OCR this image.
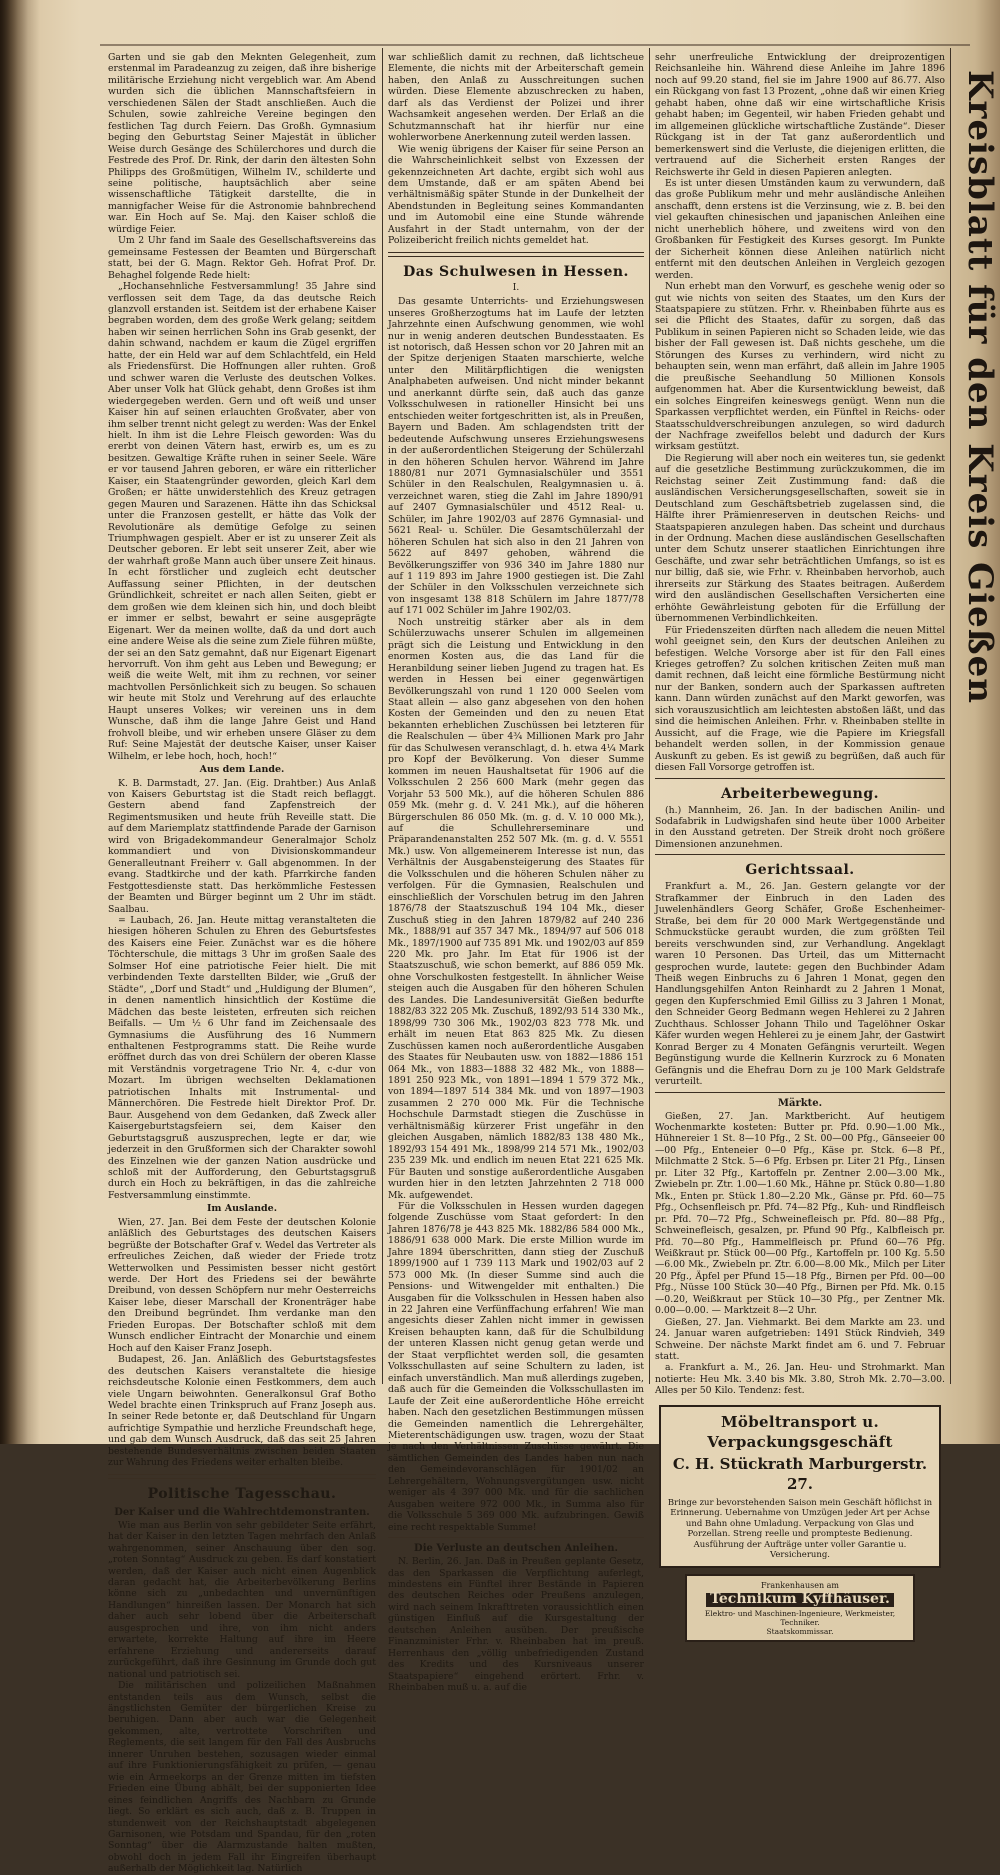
Garten und sie gab den Meknten Gelegenheit, zum erstenmal im Paradeanzug zu zeigen, daß ihre bisherige militärische Erziehung nicht vergeblich war. Am Abend wurden sich die üblichen Mannschaftsfeiern in verschiedenen Sälen der Stadt anschließen. Auch die Schulen, sowie zahlreiche Vereine begingen den festlichen Tag durch Feiern. Das Großh. Gymnasium beging den Geburtstag Seiner Majestät in üblicher Weise durch Gesänge des Schülerchores und durch die Festrede des Prof. Dr. Rink, der darin den ältesten Sohn Philipps des Großmütigen, Wilhelm IV., schilderte und seine politische, hauptsächlich aber seine wissenschaftliche Tätigkeit darstellte, die in mannigfacher Weise für die Astronomie bahnbrechend war. Ein Hoch auf Se. Maj. den Kaiser schloß die würdige Feier.

Um 2 Uhr fand im Saale des Gesellschaftsvereins das gemeinsame Festessen der Beamten und Bürgerschaft statt, bei der G. Magn. Rektor Geh. Hofrat Prof. Dr. Behaghel folgende Rede hielt:

„Hochansehnliche Festversammlung! 35 Jahre sind verflossen seit dem Tage, da das deutsche Reich glanzvoll erstanden ist. Seitdem ist der erhabene Kaiser begraben worden, dem des große Werk gelang; seitdem haben wir seinen herrlichen Sohn ins Grab gesenkt, der dahin schwand, nachdem er kaum die Zügel ergriffen hatte, der ein Held war auf dem Schlachtfeld, ein Held als Friedensfürst. Die Hoffnungen aller ruhten. Groß und schwer waren die Verluste des deutschen Volkes. Aber unser Volk hat Glück gehabt, denn Großes ist ihm wiedergegeben werden. Gern und oft weiß und unser Kaiser hin auf seinen erlauchten Großvater, aber von ihm selber trennt nicht gelegt zu werden: Was der Enkel hielt. In ihm ist die Lehre Fleisch geworden: Was du ererbt von deinen Vätern hast, erwirb es, um es zu besitzen. Gewaltige Kräfte ruhen in seiner Seele. Wäre er vor tausend Jahren geboren, er wäre ein ritterlicher Kaiser, ein Staatengründer geworden, gleich Karl dem Großen; er hätte unwiderstehlich des Kreuz getragen gegen Mauren und Sarazenen. Hätte ihn das Schicksal unter die Franzosen gestellt, er hätte das Volk der Revolutionäre als demütige Gefolge zu seinen Triumphwagen gespielt. Aber er ist zu unserer Zeit als Deutscher geboren. Er lebt seit unserer Zeit, aber wie der wahrhaft große Mann auch über unsere Zeit hinaus. In echt förstlicher und zugleich echt deutscher Auffassung seiner Pflichten, in der deutschen Gründlichkeit, schreitet er nach allen Seiten, giebt er dem großen wie dem kleinen sich hin, und doch bleibt er immer er selbst, bewahrt er seine ausgeprägte Eigenart. Wer da meinen wollte, daß da und dort auch eine andere Weise als die seine zum Ziele führen müßte, der sei an den Satz gemahnt, daß nur Eigenart Eigenart hervorruft. Von ihm geht aus Leben und Bewegung; er weiß die weite Welt, mit ihm zu rechnen, vor seiner machtvollen Persönlichkeit sich zu beugen. So schauen wir heute mit Stolz und Verehrung auf des erlauchte Haupt unseres Volkes; wir vereinen uns in dem Wunsche, daß ihm die lange Jahre Geist und Hand frohvoll bleibe, und wir erheben unsere Gläser zu dem Ruf: Seine Majestät der deutsche Kaiser, unser Kaiser Wilhelm, er lebe hoch, hoch, hoch!“

Aus dem Lande.

K. B. Darmstadt, 27. Jan. (Eig. Drahtber.) Aus Anlaß von Kaisers Geburtstag ist die Stadt reich beflaggt. Gestern abend fand Zapfenstreich der Regimentsmusiken und heute früh Reveille statt. Die auf dem Mariemplatz stattfindende Parade der Garnison wird von Brigadekommandeur Generalmajor Scholz kommandiert und von Divisionskommandeur Generalleutnant Freiherr v. Gall abgenommen. In der evang. Stadtkirche und der kath. Pfarrkirche fanden Festgottesdienste statt. Das herkömmliche Festessen der Beamten und Bürger beginnt um 2 Uhr im städt. Saalbau.

= Laubach, 26. Jan. Heute mittag veranstalteten die hiesigen höheren Schulen zu Ehren des Geburtsfestes des Kaisers eine Feier. Zunächst war es die höhere Töchterschule, die mittags 3 Uhr im großen Saale des Solmser Hof eine patriotische Feier hielt. Die mit verbindenden Texte darstellten Bilder, wie „Gruß der Städte“, „Dorf und Stadt“ und „Huldigung der Blumen“, in denen namentlich hinsichtlich der Kostüme die Mädchen das beste leisteten, erfreuten sich reichen Beifalls. — Um ½ 6 Uhr fand im Zeichensaale des Gymnasiums die Ausführung des 16 Nummern enthaltenen Festprogramms statt. Die Reihe wurde eröffnet durch das von drei Schülern der oberen Klasse mit Verständnis vorgetragene Trio Nr. 4, c-dur von Mozart. Im übrigen wechselten Deklamationen patriotischen Inhalts mit Instrumental- und Männerchören. Die Festrede hielt Direktor Prof. Dr. Baur. Ausgehend von dem Gedanken, daß Zweck aller Kaisergeburtstagsfeiern sei, dem Kaiser den Geburtstagsgruß auszusprechen, legte er dar, wie jederzeit in den Grußformen sich der Charakter sowohl des Einzelnen wie der ganzen Nation ausdrücke und schloß mit der Aufforderung, den Geburtstagsgruß durch ein Hoch zu bekräftigen, in das die zahlreiche Festversammlung einstimmte.

Im Auslande.

Wien, 27. Jan. Bei dem Feste der deutschen Kolonie anläßlich des Geburtstages des deutschen Kaisers begrüßte der Botschafter Graf v. Wedel das Vertreter als erfreuliches Zeichen, daß wieder der Friede trotz Wetterwolken und Pessimisten besser nicht gestört werde. Der Hort des Friedens sei der bewährte Dreibund, von dessen Schöpfern nur mehr Oesterreichs Kaiser lebe, dieser Marschall der Kronenträger habe den Dreibund begründet. Ihm verdanke man den Frieden Europas. Der Botschafter schloß mit dem Wunsch endlicher Eintracht der Monarchie und einem Hoch auf den Kaiser Franz Joseph.

Budapest, 26. Jan. Anläßlich des Geburtstagsfestes des deutschen Kaisers veranstaltete die hiesige reichsdeutsche Kolonie einen Festkommers, dem auch viele Ungarn beiwohnten. Generalkonsul Graf Botho Wedel brachte einen Trinkspruch auf Franz Joseph aus. In seiner Rede betonte er, daß Deutschland für Ungarn aufrichtige Sympathie und herzliche Freundschaft hege, und gab dem Wunsch Ausdruck, daß das seit 25 Jahren bestehende Bundesverhältnis zwischen beiden Staaten zur Wahrung des Friedens weiter erhalten bleibe.

Politische Tagesschau.
Der Kaiser und die Wahlrechtdemonstranten.

Wie man aus Berlin von sehr gebildeter Seite erfährt, hat der Kaiser in den letzten Tagen mehrfach den Anlaß wahrgenommen, seiner Anschauung über den sog. „roten Sonntag“ Ausdruck zu geben. Es darf konstatiert werden, daß der Kaiser auch nicht einen Augenblick daran gedacht hat, die Arbeiterbevölkerung Berlins könne sich zu „unbedachten und unvernünftigen Handlungen“ hinreißen lassen. Der Monarch hat sich daher auch sehr lobend über die Arbeiterschaft ausgesprochen und ihre, von ihm nicht anders erwartete, korrekte Haltung auf ihre im Heere erfahrene Erziehung und andererseits darauf zurückgeführt, daß ihre Gesinnung im Grunde doch gut national und patriotisch sei.

Die militärischen und polizeilichen Maßnahmen entstanden teils aus dem Wunsch, selbst die ängstlichsten Gemüter der bürgerlichen Kreise zu beruhigen. Dann aber auch war die Gelegenheit gekommen, alte, vertrottete Vorschriften und Reglements, die seit langem für den Fall des Ausbruchs innerer Unruhen bestehen, sozusagen wieder einmal auf ihre Funktionierungsfähigkeit zu prüfen, — genau wie ein Armeekorps an der Grenze mitten im tiefsten Frieden eine Übung abhält, bei der supponierten Idee eines feindlichen Angriffs des Nachbarn zu Grunde liegt. So erklärt es sich auch, daß z. B. Truppen in stundenweit von der Reichshauptstadt abgelegenen Garnisonen, wie Potsdam und Spandau, für den „roten Sonntag“ über die Alarmzustande halten mußten, obwohl doch in jedem Fall ihr Eingreifen überhaupt außerhalb der Möglichkeit lag. Natürlich

war schließlich damit zu rechnen, daß lichtscheue Elemente, die nichts mit der Arbeiterschaft gemein haben, den Anlaß zu Ausschreitungen suchen würden. Diese Elemente abzuschrecken zu haben, darf als das Verdienst der Polizei und ihrer Wachsamkeit angesehen werden. Der Erlaß an die Schutzmannschaft hat ihr hierfür nur eine wohlerworbene Anerkennung zuteil werden lassen.

Wie wenig übrigens der Kaiser für seine Person an die Wahrscheinlichkeit selbst von Exzessen der gekennzeichneten Art dachte, ergibt sich wohl aus dem Umstande, daß er am späten Abend bei verhältnismäßig später Stunde in der Dunkelheit der Abendstunden in Begleitung seines Kommandanten und im Automobil eine eine Stunde währende Ausfahrt in der Stadt unternahm, von der der Polizeibericht freilich nichts gemeldet hat.

Das Schulwesen in Hessen.
I.

Das gesamte Unterrichts- und Erziehungswesen unseres Großherzogtums hat im Laufe der letzten Jahrzehnte einen Aufschwung genommen, wie wohl nur in wenig anderen deutschen Bundesstaaten. Es ist notorisch, daß Hessen schon vor 20 Jahren mit an der Spitze derjenigen Staaten marschierte, welche unter den Militärpflichtigen die wenigsten Analphabeten aufweisen. Und nicht minder bekannt und anerkannt dürfte sein, daß auch das ganze Volksschulwesen in rationeller Hinsicht bei uns entschieden weiter fortgeschritten ist, als in Preußen, Bayern und Baden. Am schlagendsten tritt der bedeutende Aufschwung unseres Erziehungswesens in der außerordentlichen Steigerung der Schülerzahl in den höheren Schulen hervor. Während im Jahre 1880/81 nur 2071 Gymnasialschüler und 3551 Schüler in den Realschulen, Realgymnasien u. ä. verzeichnet waren, stieg die Zahl im Jahre 1890/91 auf 2407 Gymnasialschüler und 4512 Real- u. Schüler, im Jahre 1902/03 auf 2876 Gymnasial- und 5621 Real- u. Schüler. Die Gesamtschülerzahl der höheren Schulen hat sich also in den 21 Jahren von 5622 auf 8497 gehoben, während die Bevölkerungsziffer von 936 340 im Jahre 1880 nur auf 1 119 893 im Jahre 1900 gestiegen ist. Die Zahl der Schüler in den Volksschulen verzeichnete sich von insgesamt 138 818 Schülern im Jahre 1877/78 auf 171 002 Schüler im Jahre 1902/03.

Noch unstreitig stärker aber als in dem Schülerzuwachs unserer Schulen im allgemeinen prägt sich die Leistung und Entwicklung in den enormen Kosten aus, die das Land für die Heranbildung seiner lieben Jugend zu tragen hat. Es werden in Hessen bei einer gegenwärtigen Bevölkerungszahl von rund 1 120 000 Seelen vom Staat allein — also ganz abgesehen von den hohen Kosten der Gemeinden und den zu neuen Etat bekannten erheblichen Zuschüssen bei letzteren für die Realschulen — über 4¾ Millionen Mark pro Jahr für das Schulwesen veranschlagt, d. h. etwa 4¼ Mark pro Kopf der Bevölkerung. Von dieser Summe kommen im neuen Haushaltsetat für 1906 auf die Volksschulen 2 256 600 Mark (mehr gegen das Vorjahr 53 500 Mk.), auf die höheren Schulen 886 059 Mk. (mehr g. d. V. 241 Mk.), auf die höheren Bürgerschulen 86 050 Mk. (m. g. d. V. 10 000 Mk.), auf die Schullehrerseminare und Präparandenanstalten 252 507 Mk. (m. g. d. V. 5551 Mk.) usw. Von allgemeinerem Interesse ist nun, das Verhältnis der Ausgabensteigerung des Staates für die Volksschulen und die höheren Schulen näher zu verfolgen. Für die Gymnasien, Realschulen und einschließlich der Vorschulen betrug im den Jahren 1876/78 der Staatszuschuß 194 104 Mk., dieser Zuschuß stieg in den Jahren 1879/82 auf 240 236 Mk., 1888/91 auf 357 347 Mk., 1894/97 auf 506 018 Mk., 1897/1900 auf 735 891 Mk. und 1902/03 auf 859 220 Mk. pro Jahr. Im Etat für 1906 ist der Staatszuschuß, wie schon bemerkt, auf 886 059 Mk. ohne Vorschulkosten festgestellt. In ähnlicher Weise steigen auch die Ausgaben für den höheren Schulen des Landes. Die Landesuniversität Gießen bedurfte 1882/83 322 205 Mk. Zuschuß, 1892/93 514 330 Mk., 1898/99 730 306 Mk., 1902/03 823 778 Mk. und erhält im neuen Etat 863 825 Mk. Zu diesen Zuschüssen kamen noch außerordentliche Ausgaben des Staates für Neubauten usw. von 1882—1886 151 064 Mk., von 1883—1888 32 482 Mk., von 1888—1891 250 923 Mk., von 1891—1894 1 579 372 Mk., von 1894—1897 514 384 Mk. und von 1897—1903 zusammen 2 270 000 Mk. Für die Technische Hochschule Darmstadt stiegen die Zuschüsse in verhältnismäßig kürzerer Frist ungefähr in den gleichen Ausgaben, nämlich 1882/83 138 480 Mk., 1892/93 154 491 Mk., 1898/99 214 571 Mk., 1902/03 235 239 Mk. und endlich im neuen Etat 221 625 Mk. Für Bauten und sonstige außerordentliche Ausgaben wurden hier in den letzten Jahrzehnten 2 718 000 Mk. aufgewendet.

Für die Volksschulen in Hessen wurden dagegen folgende Zuschüsse vom Staat gefordert: In den Jahren 1876/78 je 443 825 Mk. 1882/86 584 000 Mk., 1886/91 638 000 Mark. Die erste Million wurde im Jahre 1894 überschritten, dann stieg der Zuschuß 1899/1900 auf 1 739 113 Mark und 1902/03 auf 2 573 000 Mk. (In dieser Summe sind auch die Pensions- und Witwengelder mit enthalten.) Die Ausgaben für die Volksschulen in Hessen haben also in 22 Jahren eine Verfünffachung erfahren! Wie man angesichts dieser Zahlen nicht immer in gewissen Kreisen behaupten kann, daß für die Schulbildung der unteren Klassen nicht genug getan werde und der Staat verpflichtet werden soll, die gesamten Volksschullasten auf seine Schultern zu laden, ist einfach unverständlich. Man muß allerdings zugeben, daß auch für die Gemeinden die Volksschullasten im Laufe der Zeit eine außerordentliche Höhe erreicht haben. Nach den gesetzlichen Bestimmungen müssen die Gemeinden namentlich die Lehrergehälter, Mieterentschädigungen usw. tragen, wozu der Staat je nach den Verhältnissen Zuschüsse gewährt. Die sämtlichen Gemeinden des Landes haben nun nach den Gemeindevoranschlägen für 1901/02 an Lehrergehältern, Wohnungsvergütungen usw. nicht weniger als 4 397 000 Mk. und für die sachlichen Ausgaben weitere 972 000 Mk., in Summa also für die Volksschule 5 369 000 Mk. aufzubringen. Gewiß eine recht respektable Summe!

Die Verluste an deutschen Anleihen.

N. Berlin, 26. Jan. Daß in Preußen geplante Gesetz, das den Sparkassen die Verpflichtung auferlegt, mindestens ein Fünftel ihrer Bestände in Papieren des deutschen Reiches oder Preußens anzulegen, wird nach seinem Inkrafttreten voraussichtlich einen günstigen Einfluß auf die Kursgestaltung der deutschen Anleihen ausüben. Der preußische Finanzminister Frhr. v. Rheinbaben hat im preuß. Herrenhaus den „völlig unbefriedigenden Zustand des Kredits und des Kursniveaus unserer Staatspapiere“ eingehend erörtert. Frhr. v. Rheinbaben muß u. a. auf die

sehr unerfreuliche Entwicklung der dreiprozentigen Reichsanleihe hin. Während diese Anleihe im Jahre 1896 noch auf 99.20 stand, fiel sie im Jahre 1900 auf 86.77. Also ein Rückgang von fast 13 Prozent, „ohne daß wir einen Krieg gehabt haben, ohne daß wir eine wirtschaftliche Krisis gehabt haben; im Gegenteil, wir haben Frieden gehabt und im allgemeinen glückliche wirtschaftliche Zustände“. Dieser Rückgang ist in der Tat ganz außerordentlich und bemerkenswert sind die Verluste, die diejenigen erlitten, die vertrauend auf die Sicherheit ersten Ranges der Reichswerte ihr Geld in diesen Papieren anlegten.

Es ist unter diesen Umständen kaum zu verwundern, daß das große Publikum mehr und mehr ausländische Anleihen anschafft, denn erstens ist die Verzinsung, wie z. B. bei den viel gekauften chinesischen und japanischen Anleihen eine nicht unerheblich höhere, und zweitens wird von den Großbanken für Festigkeit des Kurses gesorgt. Im Punkte der Sicherheit können diese Anleihen natürlich nicht entfernt mit den deutschen Anleihen in Vergleich gezogen werden.

Nun erhebt man den Vorwurf, es geschehe wenig oder so gut wie nichts von seiten des Staates, um den Kurs der Staatspapiere zu stützen. Frhr. v. Rheinbaben führte aus es sei die Pflicht des Staates, dafür zu sorgen, daß das Publikum in seinen Papieren nicht so Schaden leide, wie das bisher der Fall gewesen ist. Daß nichts geschehe, um die Störungen des Kurses zu verhindern, wird nicht zu behaupten sein, wenn man erfährt, daß allein im Jahre 1905 die preußische Seehandlung 50 Millionen Konsols aufgenommen hat. Aber die Kursentwicklung beweist, daß ein solches Eingreifen keineswegs genügt. Wenn nun die Sparkassen verpflichtet werden, ein Fünftel in Reichs- oder Staatsschuldverschreibungen anzulegen, so wird dadurch der Nachfrage zweifellos belebt und dadurch der Kurs wirksam gestützt.

Die Regierung will aber noch ein weiteres tun, sie gedenkt auf die gesetzliche Bestimmung zurückzukommen, die im Reichstag seiner Zeit Zustimmung fand: daß die ausländischen Versicherungsgesellschaften, soweit sie in Deutschland zum Geschäftsbetrieb zugelassen sind, die Hälfte ihrer Prämienreserven in deutschen Reichs- und Staatspapieren anzulegen haben. Das scheint und durchaus in der Ordnung. Machen diese ausländischen Gesellschaften unter dem Schutz unserer staatlichen Einrichtungen ihre Geschäfte, und zwar sehr beträchtlichen Umfangs, so ist es nur billig, daß sie, wie Frhr. v. Rheinbaben hervorhob, auch ihrerseits zur Stärkung des Staates beitragen. Außerdem wird den ausländischen Gesellschaften Versicherten eine erhöhte Gewährleistung geboten für die Erfüllung der übernommenen Verbindlichkeiten.

Für Friedenszeiten dürften nach alledem die neuen Mittel wohl geeignet sein, den Kurs der deutschen Anleihen zu befestigen. Welche Vorsorge aber ist für den Fall eines Krieges getroffen? Zu solchen kritischen Zeiten muß man damit rechnen, daß leicht eine förmliche Bestürmung nicht nur der Banken, sondern auch der Sparkassen auftreten kann. Dann würden zunächst auf den Markt geworfen, was sich vorauszusichtlich am leichtesten abstoßen läßt, und das sind die heimischen Anleihen. Frhr. v. Rheinbaben stellte in Aussicht, auf die Frage, wie die Papiere im Kriegsfall behandelt werden sollen, in der Kommission genaue Auskunft zu geben. Es ist gewiß zu begrüßen, daß auch für diesen Fall Vorsorge getroffen ist.

Arbeiterbewegung.

(h.) Mannheim, 26. Jan. In der badischen Anilin- und Sodafabrik in Ludwigshafen sind heute über 1000 Arbeiter in den Ausstand getreten. Der Streik droht noch größere Dimensionen anzunehmen.

Gerichtssaal.

Frankfurt a. M., 26. Jan. Gestern gelangte vor der Strafkammer der Einbruch in den Laden des Juwelenhändlers Georg Schäfer, Große Eschenheimer-Straße, bei dem für 20 000 Mark Wertgegenstände und Schmuckstücke geraubt wurden, die zum größten Teil bereits verschwunden sind, zur Verhandlung. Angeklagt waren 10 Personen. Das Urteil, das um Mitternacht gesprochen wurde, lautete: gegen den Buchbinder Adam Theiß wegen Einbruchs zu 6 Jahren 1 Monat, gegen den Handlungsgehilfen Anton Reinhardt zu 2 Jahren 1 Monat, gegen den Kupferschmied Emil Gilliss zu 3 Jahren 1 Monat, den Schneider Georg Bedmann wegen Hehlerei zu 2 Jahren Zuchthaus. Schlosser Johann Thilo und Tagelöhner Oskar Käfer wurden wegen Hehlerei zu je einem Jahr, der Gastwirt Konrad Berger zu 4 Monaten Gefängnis verurteilt. Wegen Begünstigung wurde die Kellnerin Kurzrock zu 6 Monaten Gefängnis und die Ehefrau Dorn zu je 100 Mark Geldstrafe verurteilt.

Märkte.

Gießen, 27. Jan. Marktbericht. Auf heutigem Wochenmarkte kosteten: Butter pr. Pfd. 0.90—1.00 Mk., Hühnereier 1 St. 8—10 Pfg., 2 St. 00—00 Pfg., Gänseeier 00—00 Pfg., Enteneier 0—0 Pfg., Käse pr. Stck. 6—8 Pf., Milchmatte 2 Stck. 5—6 Pfg. Erbsen pr. Liter 21 Pfg., Linsen pr. Liter 32 Pfg., Kartoffeln pr. Zentner 2.00—3.00 Mk., Zwiebeln pr. Ztr. 1.00—1.60 Mk., Hähne pr. Stück 0.80—1.80 Mk., Enten pr. Stück 1.80—2.20 Mk., Gänse pr. Pfd. 60—75 Pfg., Ochsenfleisch pr. Pfd. 74—82 Pfg., Kuh- und Rindfleisch pr. Pfd. 70—72 Pfg., Schweinefleisch pr. Pfd. 80—88 Pfg., Schweinefleisch, gesalzen, pr. Pfund 90 Pfg., Kalbfleisch pr. Pfd. 70—80 Pfg., Hammelfleisch pr. Pfund 60—76 Pfg. Weißkraut pr. Stück 00—00 Pfg., Kartoffeln pr. 100 Kg. 5.50—6.00 Mk., Zwiebeln pr. Ztr. 6.00—8.00 Mk., Milch per Liter 20 Pfg., Äpfel per Pfund 15—18 Pfg., Birnen per Pfd. 00—00 Pfg., Nüsse 100 Stück 30—40 Pfg., Birnen per Pfd. Mk. 0.15—0.20, Weißkraut per Stück 10—30 Pfg., per Zentner Mk. 0.00—0.00. — Marktzeit 8—2 Uhr.

Gießen, 27. Jan. Viehmarkt. Bei dem Markte am 23. und 24. Januar waren aufgetrieben: 1491 Stück Rindvieh, 349 Schweine. Der nächste Markt findet am 6. und 7. Februar statt.

a. Frankfurt a. M., 26. Jan. Heu- und Strohmarkt. Man notierte: Heu Mk. 3.40 bis Mk. 3.80, Stroh Mk. 2.70—3.00. Alles per 50 Kilo. Tendenz: fest.

Möbeltransport u. Verpackungsgeschäft
C. H. Stückrath Marburgerstr. 27.
Bringe zur bevorstehenden Saison mein Geschäft höflichst in Erinnerung. Uebernahme von Umzügen jeder Art per Achse und Bahn ohne Umladung. Verpackung von Glas und Porzellan. Streng reelle und prompteste Bedienung. Ausführung der Aufträge unter voller Garantie u. Versicherung.
Frankenhausen am
Technikum Kyffhäuser.
Elektro- und Maschinen-Ingenieure, Werkmeister, Techniker.
Staatskommissar.
Kreisblatt für den Kreis Gießen
